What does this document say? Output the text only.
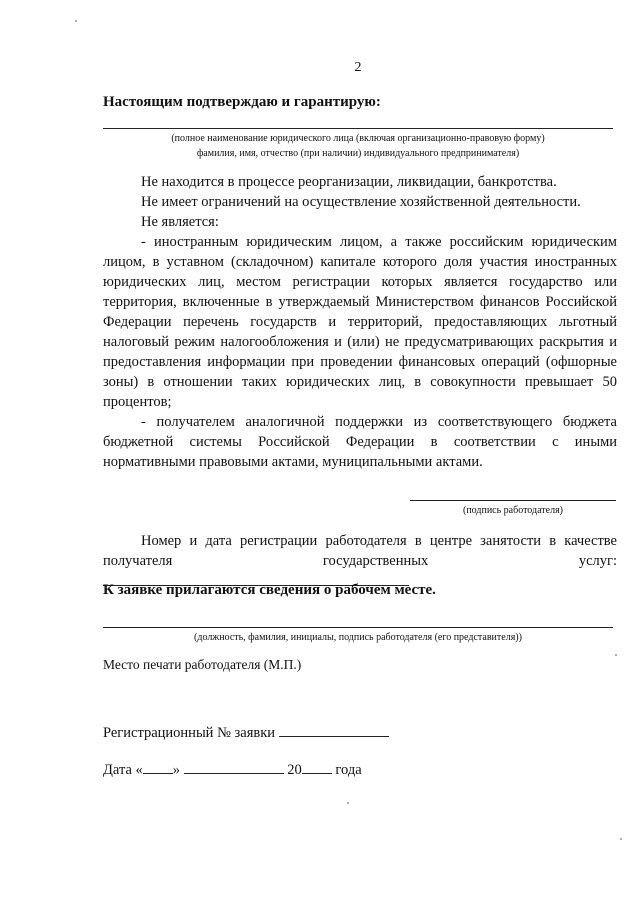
2
Настоящим подтверждаю и гарантирую:
(полное наименование юридического лица (включая организационно-правовую форму)
фамилия, имя, отчество (при наличии) индивидуального предпринимателя)

Не находится в процессе реорганизации, ликвидации, банкротства.

Не имеет ограничений на осуществление хозяйственной деятельности.

Не является:

- иностранным юридическим лицом, а также российским юридическим лицом, в уставном (складочном) капитале которого доля участия иностранных юридических лиц, местом регистрации которых является государство или территория, включенные в утверждаемый Министерством финансов Российской Федерации перечень государств и территорий, предоставляющих льготный налоговый режим налогообложения и (или) не предусматривающих раскрытия и предоставления информации при проведении финансовых операций (офшорные зоны) в отношении таких юридических лиц, в совокупности превышает 50 процентов;

- получателем аналогичной поддержки из соответствующего бюджета бюджетной системы Российской Федерации в соответствии с иными нормативными правовыми актами, муниципальными актами.

(подпись работодателя)

Номер и дата регистрации работодателя в центре занятости в качестве получателя государственных услуг:

К заявке прилагаются сведения о рабочем месте.
(должность, фамилия, инициалы, подпись работодателя (его представителя))
Место печати работодателя (М.П.)
Регистрационный № заявки
Дата « »	20 года
